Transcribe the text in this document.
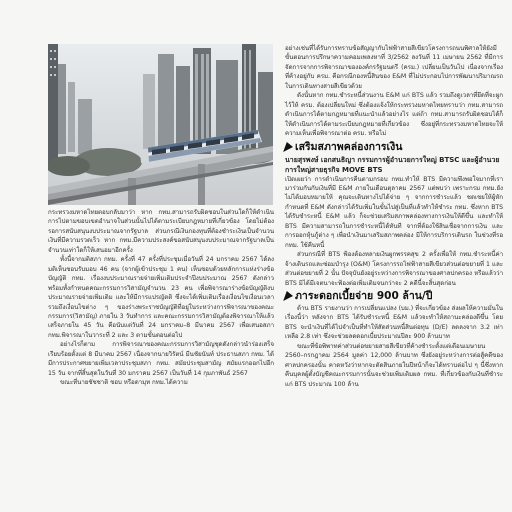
กระทรวงมหาดไทยตอบกลับมาว่า หาก กทม.สามารถรับผิดชอบในส่วนใดก็ให้ดำเนินการไปตามขอบเขตอำนาจในส่วนนั้นไปได้ตามระเบียบกฎหมายที่เกี่ยวข้อง โดยไม่ต้องรอการสนับสนุนงบประมาณจากรัฐบาล ส่วนกรณีเงินกองทุนที่ต้องชำระเงินเป็นจำนวนเงินที่มีความรวดเร็ว หาก กทม.มีความประสงค์ขอสนับสนุนงบประมาณจากรัฐบาลเป็นจำนวนเท่าใดก็ให้เสนอมาอีกครั้ง

ทั้งนี้จากมติสภา กทม. ครั้งที่ 47 ครั้งที่ประชุมเมื่อวันที่ 24 มกราคม 2567 ได้ลงมติเห็นชอบรับมอบ 46 คน (จากผู้เข้าประชุม 1 คน) เห็นชอบด้วยหลักการแห่งร่างข้อบัญญัติ กทม. เรื่องงบประมาณรายจ่ายเพิ่มเติมประจำปีงบประมาณ 2567 ดังกล่าว พร้อมทั้งกำหนดคณะกรรมการวิสามัญจำนวน 23 คน เพื่อพิจารณาร่างข้อบัญญัติงบประมาณรายจ่ายเพิ่มเติม และให้มีการแปรญัตติ ซึ่งจะได้เพิ่มเติมเรื่องเงื่อนไขเงื่อนเวลา รวมถึงเงื่อนไขต่าง ๆ ของร่างพระราชบัญญัติที่อยู่ในระหว่างการพิจารณาของคณะกรรมการ(วิสามัญ) ภายใน 3 วันทำการ และคณะกรรมการวิสามัญต้องพิจารณาให้แล้วเสร็จภายใน 45 วัน คือนับแต่วันที่ 24 มกราคม–8 มีนาคม 2567 เพื่อเสนอสภา กทม.พิจารณาในวาระที่ 2 และ 3 ตามขั้นตอนต่อไป

อย่างไรก็ตาม การพิจารณาของคณะกรรมการวิสามัญชุดดังกล่าวนำร่องเสร็จเรียบร้อยตั้งแต่ 8 มีนาคม 2567 เนื่องจากนายวิรัตน์ มีนชัยนันท์ ประธานสภา กทม. ได้มีการประกาศขยายเพิ่มเวลาประชุมสภา กทม. สมัยประชุมสามัญ สมัยแรกออกไปอีก 15 วัน จากที่สิ้นสุดในวันที่ 30 มกราคม 2567 เป็นวันที่ 14 กุมภาพันธ์ 2567

ขณะที่นายชัชชาติ ชอบ หรือดามุท กทม.ได้ความ

อย่างเช่นที่ได้รับการทราบข้อสัญญากับไฟฟ้าสายสีเขียวโครงการถนนพิศาลให้ยังมีขั้นตอนการปรึกษาความคอมเพลงหาที่ 3/2562 ลงวันที่ 11 เมษายน 2562 ที่มีการจัดการจากการพิจารณาขององค์กรรัฐมนตรี (ครม.) เปลี่ยนเป็นวันไป เนื่องจากเรื่องที่ค้างอยู่กับ ครม. คือกรณีกองหนี้สินของ E&M ที่ไม่ประกอบไปการพัฒนาปริมาณรถในการเดินทางสายสีเขียวด้วย

ดังนั้นหาก กทม.ชำระหนี้ส่วนงาน E&M แก่ BTS แล้ว รวมถึงดูเวลาที่ยึดที่จะผูกไว้ให้ ครม. ต้องเปลี่ยนใหม่ ซึ่งต้องแจ้งให้กระทรวงมหาดไทยทราบว่า กทม.สามารถดำเนินการได้ตามกฎหมายที่แนะนำแล้วอย่างไร แต่ถ้า กทม.สามารถรับผิดชอบได้ก็ให้ดำเนินการได้ตามระเบียบกฎหมายที่เกี่ยวข้อง ซึ่งอยู่ที่กระทรวงมหาดไทยจะให้ความเห็นเพื่อพิจารณาต่อ ครม. หรือไม่

เสริมสภาพคล่องการเงิน

นายสุรพงษ์ เอกสนธิญา กรรมการผู้อำนวยการใหญ่ BTSC และผู้อำนวยการใหญ่สายธุรกิจ MOVE BTS

เปิดเผยว่า การดำเนินการคืนตามกรอบ กทม.ทำให้ BTS มีความพึงพอใจมากที่เรามาร่วมกันกับเงินที่มี E&M ภายในเดือนตุลาคม 2567 แต่พบว่า เพราะกรม กทม.ยังไม่ได้มอบหมายให้ คุณจะเดินทางไปได้จ่าย ๆ จากการชำระแล้ว ชดเชยให้ผู้หักกำหนดที่ E&M ดังกล่าวได้รับเพิ่มในขั้นไปสู่เป็นที่แล้วทำให้ชำระ กทม. ซึ่งหาก BTS ได้รับชำระหนี้ E&M แล้ว ก็จะช่วยเสริมสภาพคล่องทางการเงินให้ดีขึ้น และทำให้ BTS มีความสามารถในการชำระหนี้ได้ทันที จากที่ต้องใช้สินเชื่อจากการเงิน และการออกหุ้นกู้ต่าง ๆ เพื่อนำเงินมาเสริมสภาพคล่อง มีให้การบริการเดินรถ ในช่วงที่รอ กทม. ใช้คืนหนี้

ส่วนกรณีที่ BTS ฟ้องต้องหลายเงินผูกพรรคสุข 2 ครั้งเพื่อให้ กทม.ชำระหนี้ค่าจ้างเดินรถและซ่อมบำรุง (O&M) โครงการรถไฟฟ้าสายสีเขียวส่วนต่อขยายที่ 1 และส่วนต่อขยายที่ 2 นั้น ปัจจุบันยังอยู่ระหว่างการพิจารณาของศาลปกครอง หรือแล้วว่า BTS มิได้มีเจตนาจะฟ้องต่อเพิ่มเติมจนกว่าจะ 2 คดีนี้จะสิ้นสุดก่อน

ภาระดอกเบี้ยจ่าย 900 ล้าน/ปี

ด้าน BTS รายงานว่า การเปลี่ยนแปลง (บม.) ที่จะเกี่ยวข้อง ส่งผลให้ความมั่นในเรื่องนี้ว่า หลังจาก BTS ได้รับชำระหนี้ E&M แล้วจะทำให้สถานะคล่องดีขึ้น โดย BTS จะนำเงินที่ได้ไปจำเป็นที่ทำให้สัดส่วนหนี้สินต่อทุน (D/E) ลดลงจาก 3.2 เท่า เหลือ 2.8 เท่า ซึ่งจะช่วยลดดอกเบี้ยประมาณปีละ 900 ล้านบาท

ขณะที่ข้อพิพาทค่าส่วนต่อขยายสายสีเขียวที่ค้างชำระตั้งแต่เดือนเมษายน 2560–กรกฎาคม 2564 มูลค่า 12,000 ล้านบาท ซึ่งยังอยู่ระหว่างการต่อสู้คดีของศาลปกครองนั้น คาดหวังว่าหากจะตัดสินภายในปีหน้าก็จะได้ทราบต่อไป ๆ นี้ซึ่งหากคืนบุคลผู้ตั้งบัญชีคณะกรรมการนั้นจะช่วยเพิ่มเติมผล กทม. ที่เกี่ยวข้องกับเงินที่ชำระแก่ BTS ประมาณ 100 ล้าน
